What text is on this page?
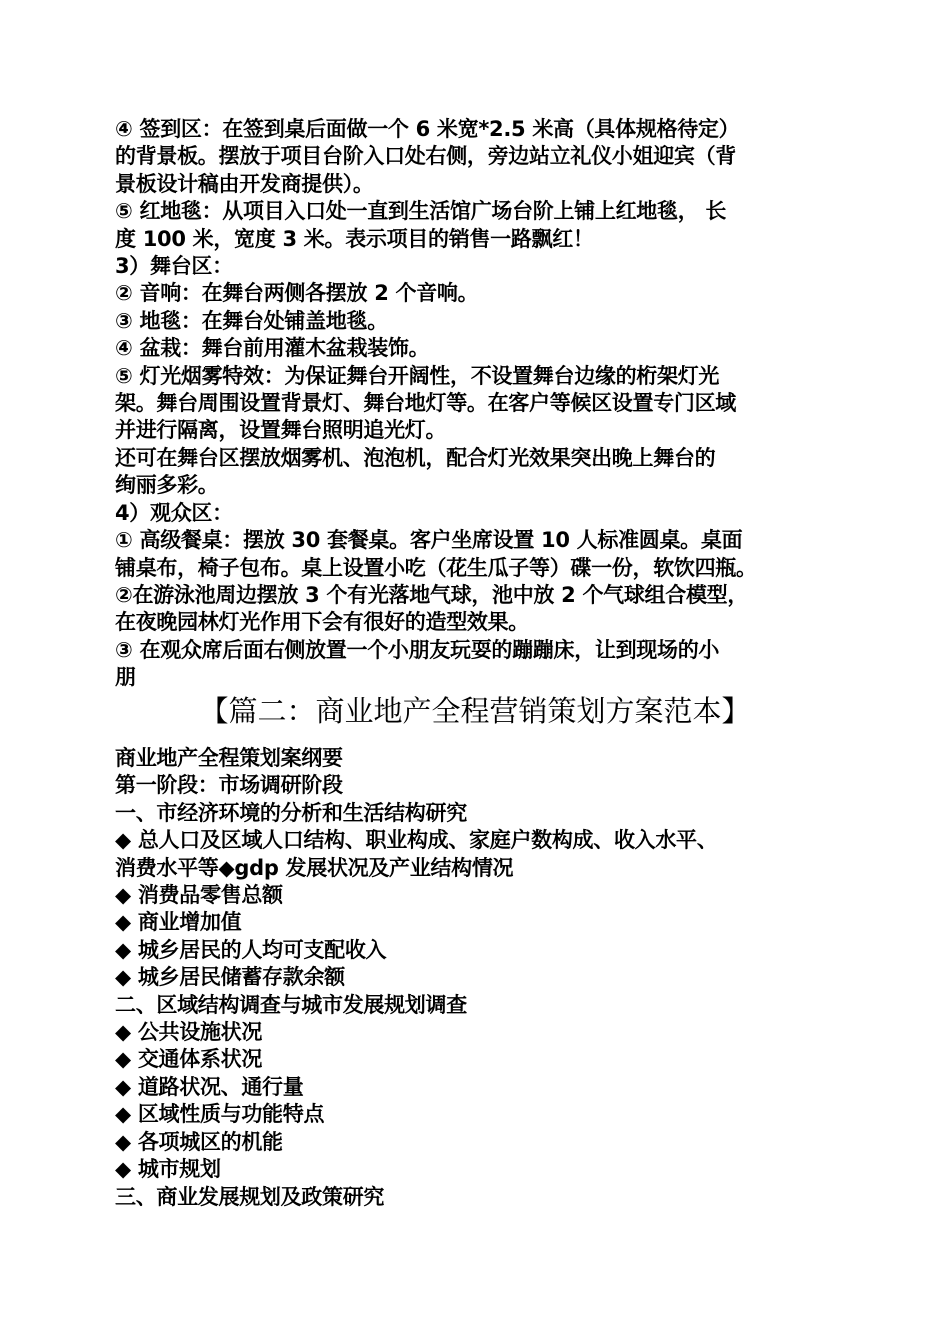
④ 签到区：在签到桌后面做一个 6 米宽*2.5 米高（具体规格待定）
的背景板。摆放于项目台阶入口处右侧，旁边站立礼仪小姐迎宾（背
景板设计稿由开发商提供）。
⑤ 红地毯：从项目入口处一直到生活馆广场台阶上铺上红地毯， 长
度 100 米，宽度 3 米。表示项目的销售一路飘红！
3）舞台区：
② 音响：在舞台两侧各摆放 2 个音响。
③ 地毯：在舞台处铺盖地毯。
④ 盆栽：舞台前用灌木盆栽装饰。
⑤ 灯光烟雾特效：为保证舞台开阔性，不设置舞台边缘的桁架灯光
架。舞台周围设置背景灯、舞台地灯等。在客户等候区设置专门区域
并进行隔离，设置舞台照明追光灯。
还可在舞台区摆放烟雾机、泡泡机，配合灯光效果突出晚上舞台的
绚丽多彩。
4）观众区：
① 高级餐桌：摆放 30 套餐桌。客户坐席设置 10 人标准圆桌。桌面
铺桌布，椅子包布。桌上设置小吃（花生瓜子等）碟一份，软饮四瓶。
②在游泳池周边摆放 3 个有光落地气球，池中放 2 个气球组合模型，
在夜晚园林灯光作用下会有很好的造型效果。
③ 在观众席后面右侧放置一个小朋友玩耍的蹦蹦床，让到现场的小
朋
【篇二：商业地产全程营销策划方案范本】
商业地产全程策划案纲要
第一阶段：市场调研阶段
一、市经济环境的分析和生活结构研究
◆ 总人口及区域人口结构、职业构成、家庭户数构成、收入水平、
消费水平等◆gdp 发展状况及产业结构情况
◆ 消费品零售总额
◆ 商业增加值
◆ 城乡居民的人均可支配收入
◆ 城乡居民储蓄存款余额
二、区域结构调查与城市发展规划调查
◆ 公共设施状况
◆ 交通体系状况
◆ 道路状况、通行量
◆ 区域性质与功能特点
◆ 各项城区的机能
◆ 城市规划
三、商业发展规划及政策研究
